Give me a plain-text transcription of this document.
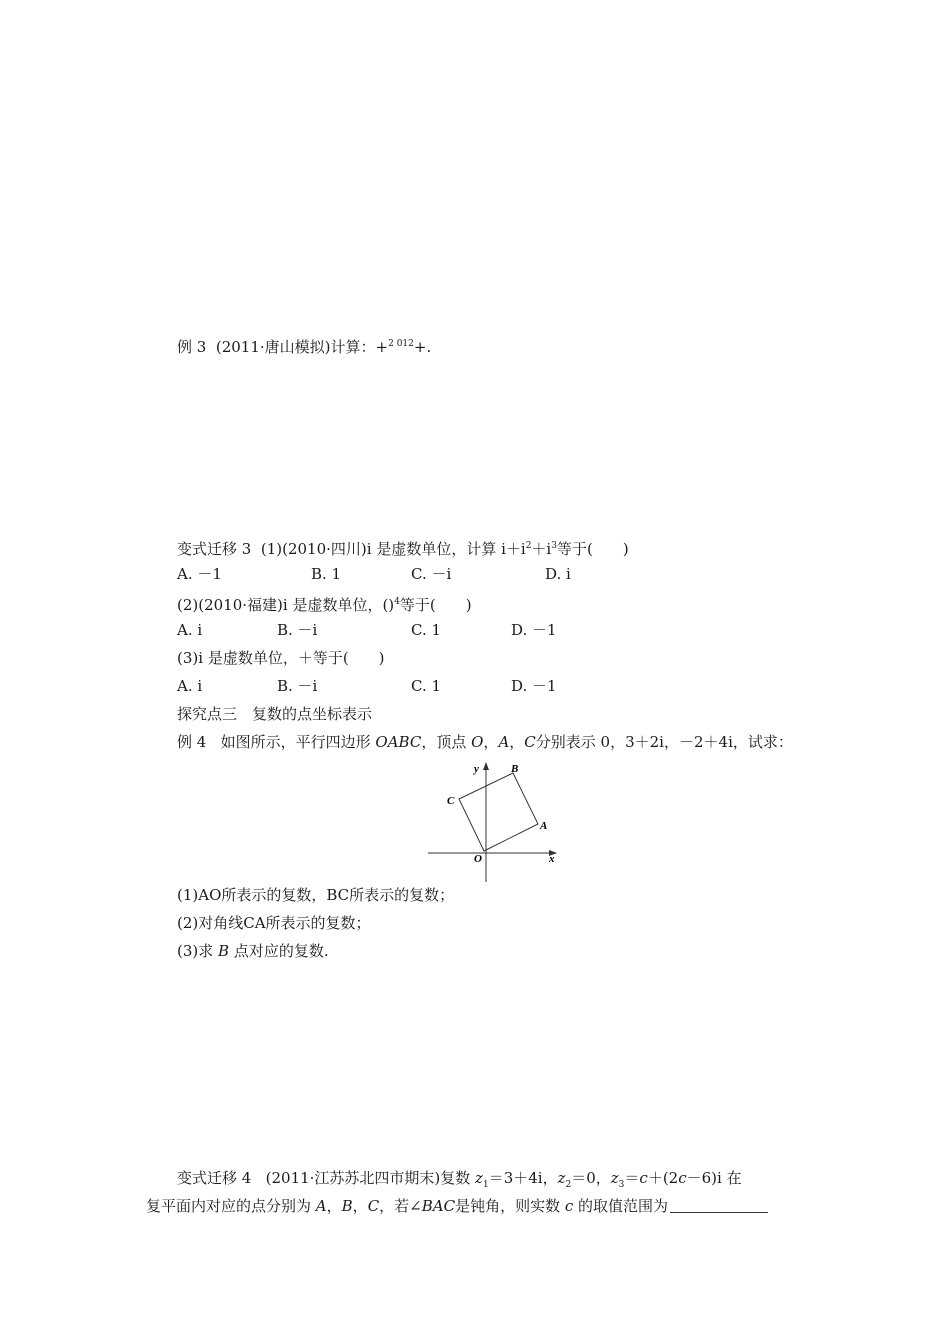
例 3 (2011·唐山模拟)计算：+$^{2 012}$+.
变式迁移 3 (1)(2010·四川)i 是虚数单位，计算 $i+i^2+i^3$等于(　　)
A. －1	B. 1	C. －i	D. i
(2)(2010·福建)i 是虚数单位，()$^4$等于(　　)
A. i	B. －i	C. 1	D. －1
(3)i 是虚数单位，＋等于(　　)
A. i	B. －i	C. 1	D. －1
探究点三　复数的点坐标表示
例 4 如图所示，平行四边形 OABC，顶点 O，A，C分别表示 0，3＋2i，－2＋4i，试求：
y
x
B
C
A
O
(1)AO所表示的复数，BC所表示的复数；
(2)对角线CA所表示的复数；
(3)求 B 点对应的复数.
变式迁移 4 (2011·江苏苏北四市期末)复数 $z_1=3+4i$，$z_2=0$，$z_3=c+(2c-6)i$ 在
复平面内对应的点分别为 A，B，C，若∠BAC是钝角，则实数 c 的取值范围为
